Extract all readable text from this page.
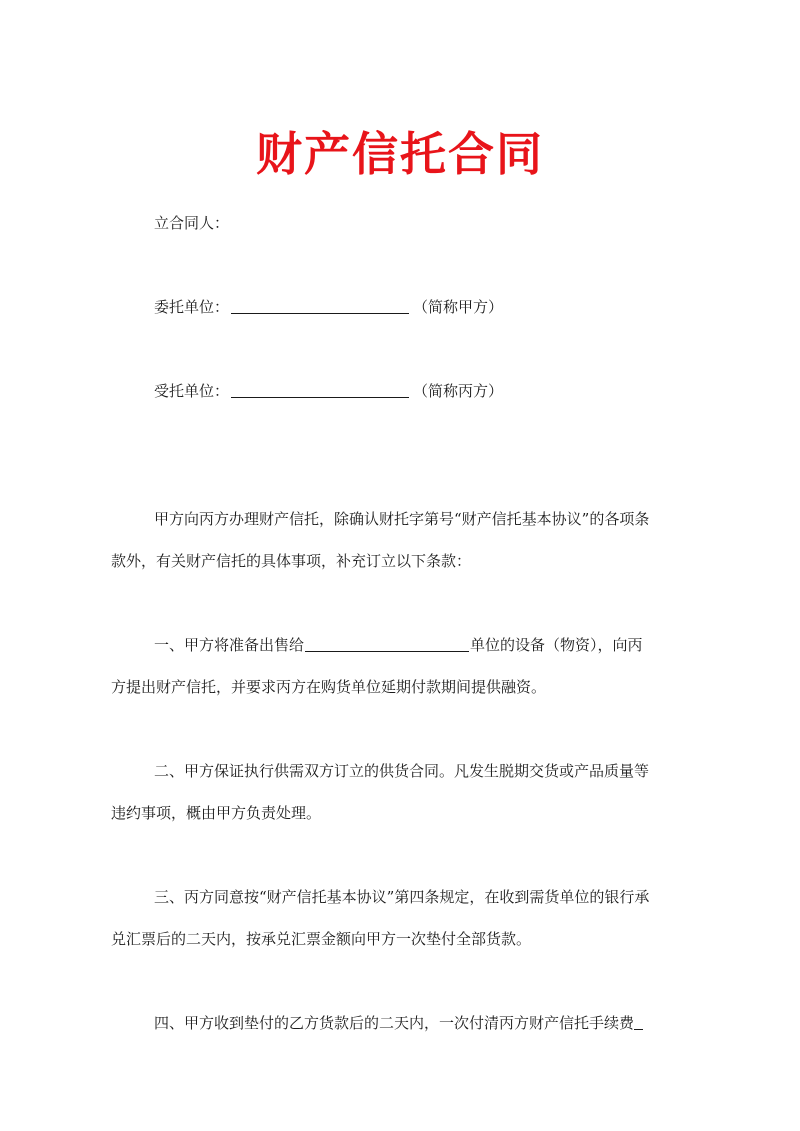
财产信托合同
立合同人：
委托单位：	（简称甲方）
受托单位：	（简称丙方）
甲方向丙方办理财产信托，除确认财托字第号“财产信托基本协议”的各项条
款外，有关财产信托的具体事项，补充订立以下条款：
一、甲方将准备出售给	单位的设备（物资），向丙
方提出财产信托，并要求丙方在购货单位延期付款期间提供融资。
二、甲方保证执行供需双方订立的供货合同。凡发生脱期交货或产品质量等
违约事项，概由甲方负责处理。
三、丙方同意按“财产信托基本协议”第四条规定，在收到需货单位的银行承
兑汇票后的二天内，按承兑汇票金额向甲方一次垫付全部货款。
四、甲方收到垫付的乙方货款后的二天内，一次付清丙方财产信托手续费
